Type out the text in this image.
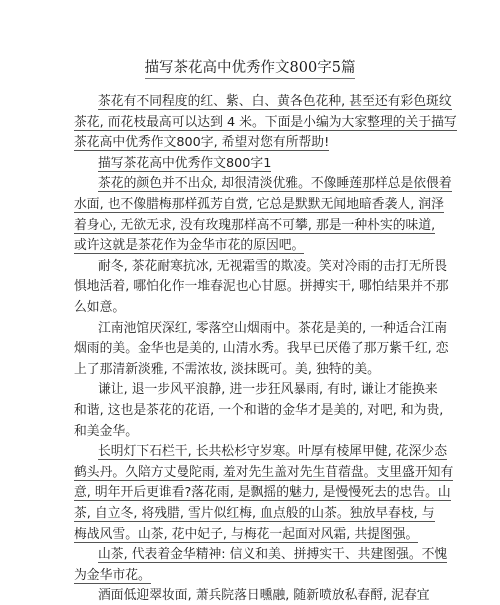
描写茶花高中优秀作文800字5篇
茶花有不同程度的红、紫、白、黄各色花种, 甚至还有彩色斑纹
茶花, 而花枝最高可以达到 4 米。下面是小编为大家整理的关于描写
茶花高中优秀作文800字, 希望对您有所帮助!
描写茶花高中优秀作文800字1
茶花的颜色并不出众, 却很清淡优雅。不像睡莲那样总是依偎着
水面, 也不像腊梅那样孤芳自赏, 它总是默默无闻地暗香袭人, 润泽
着身心, 无欲无求, 没有玫瑰那样高不可攀, 那是一种朴实的味道,
或许这就是茶花作为金华市花的原因吧。
耐冬, 茶花耐寒抗冰, 无视霜雪的欺凌。笑对冷雨的击打无所畏
惧地活着, 哪怕化作一堆春泥也心甘愿。拼搏实干, 哪怕结果并不那
么如意。
江南池馆厌深红, 零落空山烟雨中。茶花是美的, 一种适合江南
烟雨的美。金华也是美的, 山清水秀。我早已厌倦了那万紫千红, 恋
上了那清新淡雅, 不需浓妆, 淡抹既可。美, 独特的美。
谦让, 退一步风平浪静, 进一步狂风暴雨, 有时, 谦让才能换来
和谐, 这也是茶花的花语, 一个和谐的金华才是美的, 对吧, 和为贵,
和美金华。
长明灯下石栏干, 长共松杉守岁寒。叶厚有棱犀甲健, 花深少态
鹤头丹。久陪方丈曼陀雨, 羞对先生盖对先生苜蓿盘。支里盛开知有
意, 明年开后更谁看?落花雨, 是飘摇的魅力, 是慢慢死去的忠告。山
茶, 自立冬, 将残腊, 雪片似红梅, 血点般的山茶。独放早春枝, 与
梅战风雪。山茶, 花中妃子, 与梅花一起面对风霜, 共提图强。
山茶, 代表着金华精神: 信义和美、拼搏实干、共建图强。不愧
为金华市花。
酒面低迎翠妆面, 萧兵院落日曛融, 随新喷放私春酹, 泥春宜
